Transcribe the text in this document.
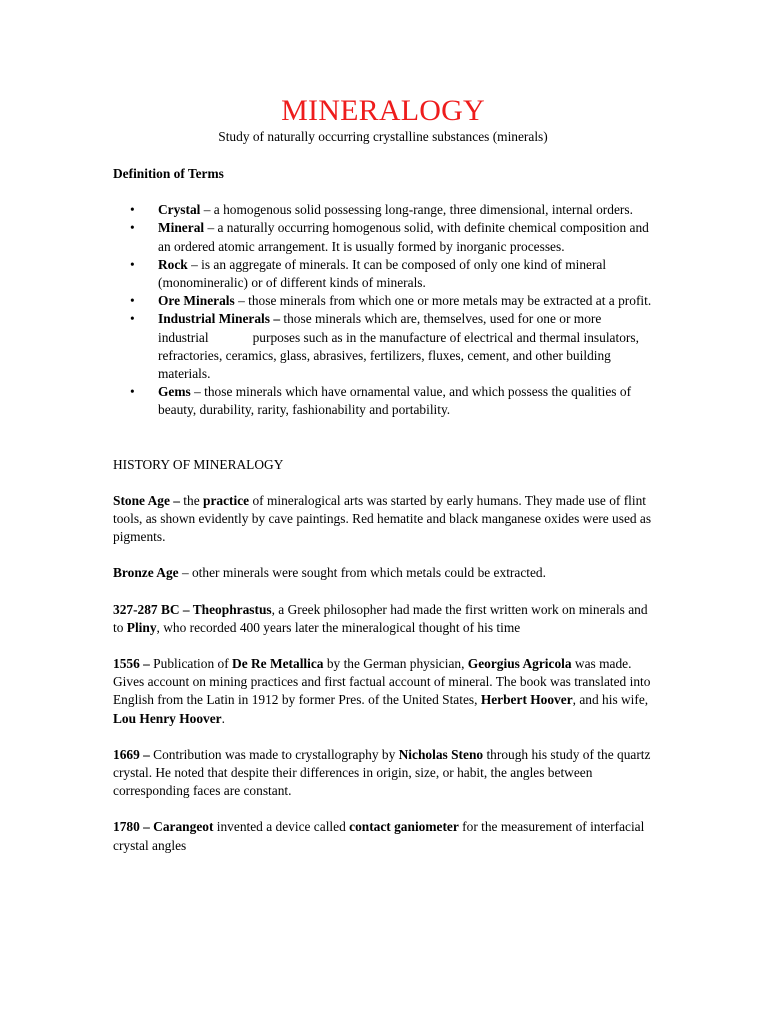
MINERALOGY

Study of naturally occurring crystalline substances (minerals)

Definition of Terms

• Crystal – a homogenous solid possessing long-range, three dimensional, internal orders.
• Mineral – a naturally occurring homogenous solid, with definite chemical composition and an ordered atomic arrangement. It is usually formed by inorganic processes.
• Rock – is an aggregate of minerals. It can be composed of only one kind of mineral (monomineralic) or of different kinds of minerals.
• Ore Minerals – those minerals from which one or more metals may be extracted at a profit.
• Industrial Minerals – those minerals which are, themselves, used for one or more industrial	purposes such as in the manufacture of electrical and thermal insulators, refractories, ceramics, glass, abrasives, fertilizers, fluxes, cement, and other building materials.
• Gems – those minerals which have ornamental value, and which possess the qualities of beauty, durability, rarity, fashionability and portability.

HISTORY OF MINERALOGY

Stone Age – the practice of mineralogical arts was started by early humans. They made use of flint tools, as shown evidently by cave paintings. Red hematite and black manganese oxides were used as pigments.

Bronze Age – other minerals were sought from which metals could be extracted.

327-287 BC – Theophrastus, a Greek philosopher had made the first written work on minerals and to Pliny, who recorded 400 years later the mineralogical thought of his time

1556 – Publication of De Re Metallica by the German physician, Georgius Agricola was made. Gives account on mining practices and first factual account of mineral. The book was translated into English from the Latin in 1912 by former Pres. of the United States, Herbert Hoover, and his wife, Lou Henry Hoover.

1669 – Contribution was made to crystallography by Nicholas Steno through his study of the quartz crystal. He noted that despite their differences in origin, size, or habit, the angles between corresponding faces are constant.

1780 – Carangeot invented a device called contact ganiometer for the measurement of interfacial crystal angles
